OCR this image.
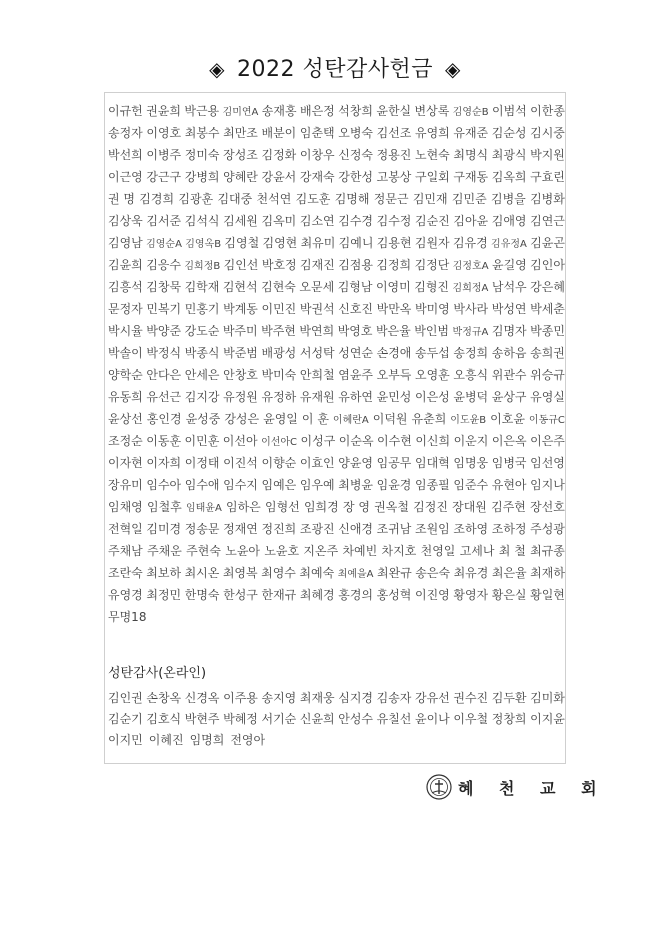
◈ 2022 성탄감사헌금 ◈
이규헌 권윤희 박근용 김미연A 송재홍 배은정 석창희 윤한실 변상록 김영순B 이범석 이한종
송정자 이영호 최봉수 최만조 배분이 임춘택 오병숙 김선조 유영희 유재준 김순성 김시중
박선희 이병주 정미숙 장성조 김정화 이창우 신정숙 정용진 노현숙 최명식 최광식 박지원
이근영 강근구 강병희 양혜란 강윤서 강재숙 강한성 고봉상 구일회 구재동 김옥희 구효린
권 명 김경희 김광훈 김대중 천석연 김도훈 김명해 정문근 김민재 김민준 김병을 김병화
김상욱 김서준 김석식 김세원 김옥미 김소연 김수경 김수정 김순진 김아윤 김애영 김연근
김영남 김영순A 김영옥B 김영철 김영현 최유미 김예니 김용현 김원자 김유경 김유정A 김윤곤
김윤희 김응수 김희정B 김인선 박호정 김재진 김점용 김정희 김정단 김정호A 윤길영 김인아
김흥석 김창묵 김학재 김현석 김현숙 오문세 김형남 이영미 김형진 김희정A 남석우 강은혜
문정자 민복기 민홍기 박계동 이민진 박권석 신호진 박만옥 박미영 박사라 박성연 박세춘
박시율 박양준 강도순 박주미 박주현 박연희 박영호 박은율 박인범 박정규A 김명자 박종민
박솔이 박정식 박종식 박준범 배광성 서성탁 성연순 손경애 송두섭 송정희 송하음 송희권
양학순 안다은 안세은 안창호 박미숙 안희철 염윤주 오부득 오영훈 오흥식 위관수 위승규
유동희 유선근 김지강 유정원 유정하 유재원 유하연 윤민성 이은성 윤병덕 윤상구 유영실
윤상선 홍인경 윤성중 강성은 윤영일 이 훈 이혜란A 이덕원 유춘희 이도윤B 이호윤 이동규C
조정순 이동훈 이민훈 이선아 이선아C 이성구 이순옥 이수현 이신희 이운지 이은옥 이은주
이자현 이자희 이정태 이진석 이향순 이효인 양윤영 임공무 임대혁 임명웅 임병국 임선영
장유미 임수아 임수애 임수지 임예은 임우예 최병윤 임윤경 임종필 임준수 유현아 임지나
임채영 임철후 임태윤A 임하은 임형선 임희경 장 영 권옥철 김정진 장대원 김주현 장선호
전혁일 김미경 정송문 정재연 정진희 조광진 신애경 조귀남 조원임 조하영 조하정 주성광
주채남 주채운 주현숙 노윤아 노윤호 지온주 차예빈 차지호 천영일 고세나 최 철 최규종
조란숙 최보하 최시온 최영복 최영수 최예숙 최예을A 최완규 송은숙 최유경 최은율 최재하
유영경 최정민 한명숙 한성구 한재규 최혜경 홍경의 홍성혁 이진영 황영자 황은실 황일현
무명18
성탄감사(온라인)
김인권 손창옥 신경옥 이주용 송지영 최재웅 심지경 김송자 강유선 권수진 김두환 김미화
김순기 김호식 박현주 박혜정 서기순 신윤희 안성수 유칠선 윤이나 이우철 정창희 이지윤
이지민 이혜진 임명희 전영아
혜 천 교 회
